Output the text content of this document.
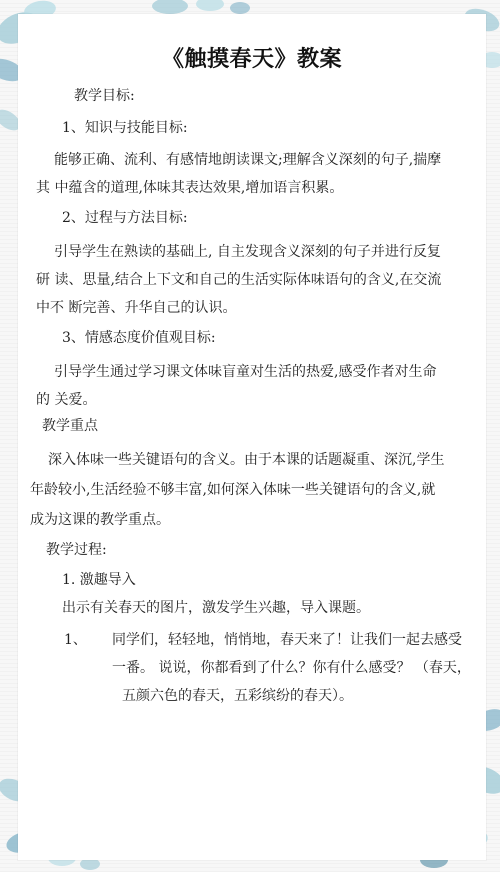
《触摸春天》教案
教学目标:
1、知识与技能目标:
能够正确、流利、有感情地朗读课文;理解含义深刻的句子,揣摩
其 中蕴含的道理,体味其表达效果,增加语言积累。
2、过程与方法目标:
引导学生在熟读的基础上, 自主发现含义深刻的句子并进行反复
研 读、思量,结合上下文和自己的生活实际体味语句的含义,在交流
中不 断完善、升华自己的认识。
3、情感态度价值观目标:
引导学生通过学习课文体味盲童对生活的热爱,感受作者对生命
的 关爱。
教学重点
深入体味一些关键语句的含义。由于本课的话题凝重、深沉,学生
年龄较小,生活经验不够丰富,如何深入体味一些关键语句的含义,就
成为这课的教学重点。
教学过程:
1. 激趣导入
出示有关春天的图片，激发学生兴趣，导入课题。
1、 同学们，轻轻地，悄悄地，春天来了！让我们一起去感受
一番。 说说，你都看到了什么？你有什么感受？ （春天，
五颜六色的春天，五彩缤纷的春天）。
